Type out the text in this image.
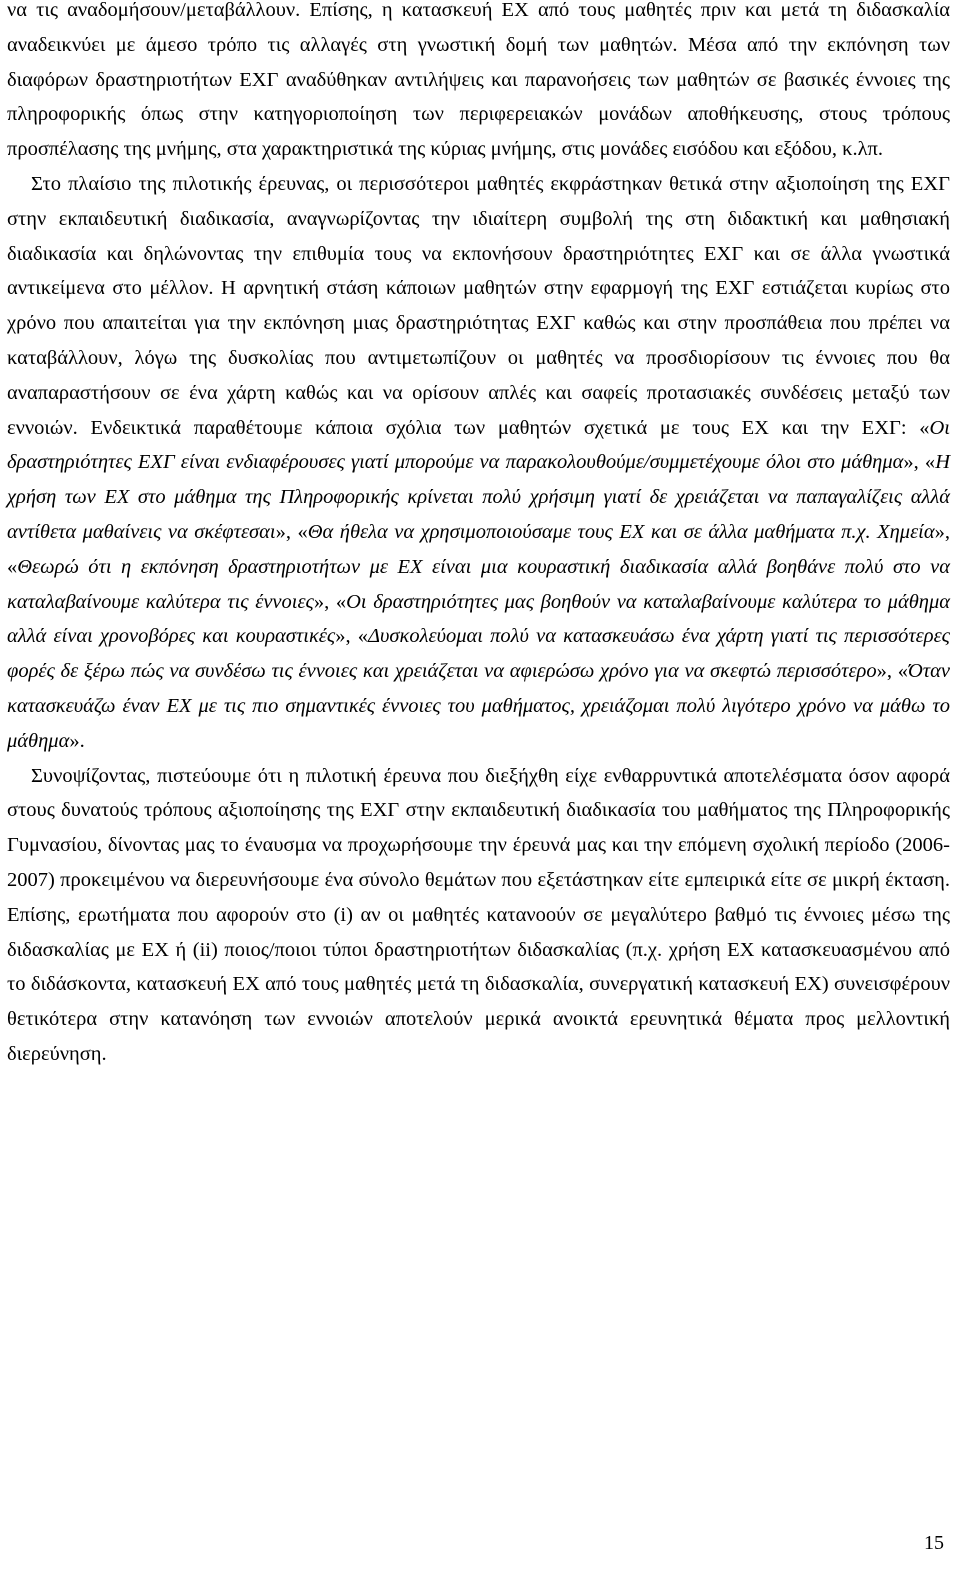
να τις αναδομήσουν/μεταβάλλουν. Επίσης, η κατασκευή ΕΧ από τους μαθητές πριν και μετά τη διδασκαλία αναδεικνύει με άμεσο τρόπο τις αλλαγές στη γνωστική δομή των μαθητών. Μέσα από την εκπόνηση των διαφόρων δραστηριοτήτων ΕΧΓ αναδύθηκαν αντιλήψεις και παρανοήσεις των μαθητών σε βασικές έννοιες της πληροφορικής όπως στην κατηγοριοποίηση των περιφερειακών μονάδων αποθήκευσης, στους τρόπους προσπέλασης της μνήμης, στα χαρακτηριστικά της κύριας μνήμης, στις μονάδες εισόδου και εξόδου, κ.λπ.

Στο πλαίσιο της πιλοτικής έρευνας, οι περισσότεροι μαθητές εκφράστηκαν θετικά στην αξιοποίηση της ΕΧΓ στην εκπαιδευτική διαδικασία, αναγνωρίζοντας την ιδιαίτερη συμβολή της στη διδακτική και μαθησιακή διαδικασία και δηλώνοντας την επιθυμία τους να εκπονήσουν δραστηριότητες ΕΧΓ και σε άλλα γνωστικά αντικείμενα στο μέλλον. Η αρνητική στάση κάποιων μαθητών στην εφαρμογή της ΕΧΓ εστιάζεται κυρίως στο χρόνο που απαιτείται για την εκπόνηση μιας δραστηριότητας ΕΧΓ καθώς και στην προσπάθεια που πρέπει να καταβάλλουν, λόγω της δυσκολίας που αντιμετωπίζουν οι μαθητές να προσδιορίσουν τις έννοιες που θα αναπαραστήσουν σε ένα χάρτη καθώς και να ορίσουν απλές και σαφείς προτασιακές συνδέσεις μεταξύ των εννοιών. Ενδεικτικά παραθέτουμε κάποια σχόλια των μαθητών σχετικά με τους ΕΧ και την ΕΧΓ: «Οι δραστηριότητες ΕΧΓ είναι ενδιαφέρουσες γιατί μπορούμε να παρακολουθούμε/συμμετέχουμε όλοι στο μάθημα», «Η χρήση των ΕΧ στο μάθημα της Πληροφορικής κρίνεται πολύ χρήσιμη γιατί δε χρειάζεται να παπαγαλίζεις αλλά αντίθετα μαθαίνεις να σκέφτεσαι», «Θα ήθελα να χρησιμοποιούσαμε τους ΕΧ και σε άλλα μαθήματα π.χ. Χημεία», «Θεωρώ ότι η εκπόνηση δραστηριοτήτων με ΕΧ είναι μια κουραστική διαδικασία αλλά βοηθάνε πολύ στο να καταλαβαίνουμε καλύτερα τις έννοιες», «Οι δραστηριότητες μας βοηθούν να καταλαβαίνουμε καλύτερα το μάθημα αλλά είναι χρονοβόρες και κουραστικές», «Δυσκολεύομαι πολύ να κατασκευάσω ένα χάρτη γιατί τις περισσότερες φορές δε ξέρω πώς να συνδέσω τις έννοιες και χρειάζεται να αφιερώσω χρόνο για να σκεφτώ περισσότερο», «Όταν κατασκευάζω έναν ΕΧ με τις πιο σημαντικές έννοιες του μαθήματος, χρειάζομαι πολύ λιγότερο χρόνο να μάθω το μάθημα».

Συνοψίζοντας, πιστεύουμε ότι η πιλοτική έρευνα που διεξήχθη είχε ενθαρρυντικά αποτελέσματα όσον αφορά στους δυνατούς τρόπους αξιοποίησης της ΕΧΓ στην εκπαιδευτική διαδικασία του μαθήματος της Πληροφορικής Γυμνασίου, δίνοντας μας το έναυσμα να προχωρήσουμε την έρευνά μας και την επόμενη σχολική περίοδο (2006-2007) προκειμένου να διερευνήσουμε ένα σύνολο θεμάτων που εξετάστηκαν είτε εμπειρικά είτε σε μικρή έκταση. Επίσης, ερωτήματα που αφορούν στο (i) αν οι μαθητές κατανοούν σε μεγαλύτερο βαθμό τις έννοιες μέσω της διδασκαλίας με ΕΧ ή (ii) ποιος/ποιοι τύποι δραστηριοτήτων διδασκαλίας (π.χ. χρήση ΕΧ κατασκευασμένου από το διδάσκοντα, κατασκευή ΕΧ από τους μαθητές μετά τη διδασκαλία, συνεργατική κατασκευή ΕΧ) συνεισφέρουν θετικότερα στην κατανόηση των εννοιών αποτελούν μερικά ανοικτά ερευνητικά θέματα προς μελλοντική διερεύνηση.

15
